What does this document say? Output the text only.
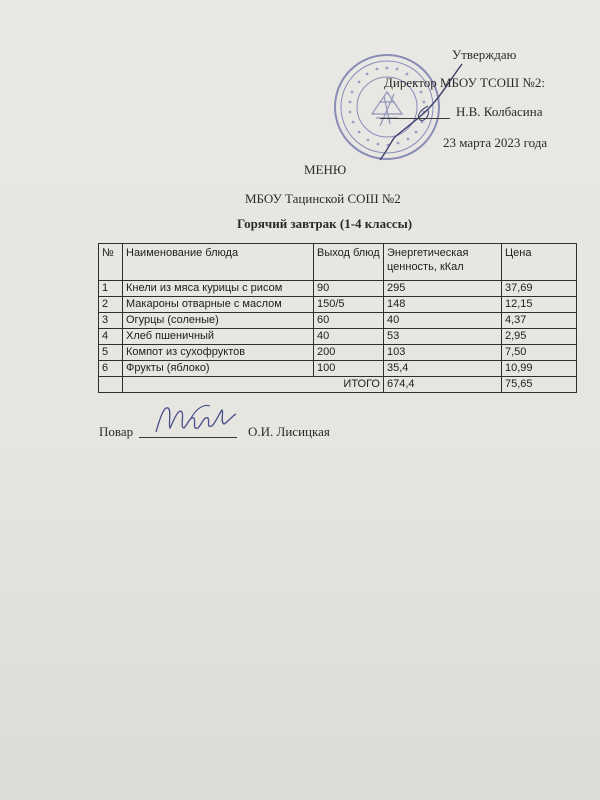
Утверждаю
Директор МБОУ ТСОШ №2:
Н.В. Колбасина
23 марта 2023 года
МЕНЮ
МБОУ Тацинской СОШ №2
Горячий завтрак (1-4 классы)
№	Наименование блюда	Выход блюд	Энергетическая ценность, кКал	Цена
1	Кнели из мяса курицы с рисом	90	295	37,69
2	Макароны отварные с маслом	150/5	148	12,15
3	Огурцы (соленые)	60	40	4,37
4	Хлеб пшеничный	40	53	2,95
5	Компот из сухофруктов	200	103	7,50
6	Фрукты (яблоко)	100	35,4	10,99
		ИТОГО	674,4	75,65
Повар	О.И. Лисицкая
